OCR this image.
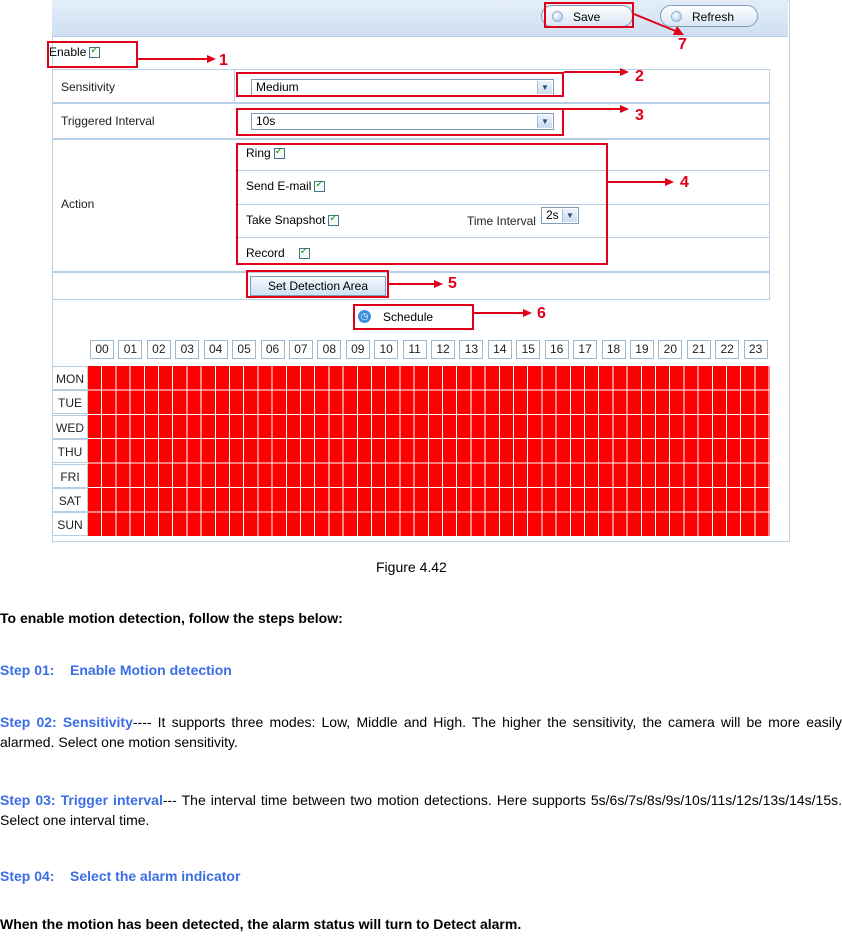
Save	Refresh
Enable✓
Sensitivity	Medium	▼
Triggered Interval	10s	▼
Action
Ring✓
Send E-mail✓
Take Snapshot✓	Time Interval 2s ▼
Record✓
Set Detection Area
◷ Schedule
00	01	02	03	04	05	06	07	08	09	10	11	12	13	14	15	16	17	18	19	20	21	22	23
MON
TUE
WED
THU
FRI
SAT
SUN
1
2
3
4
5
6
7
Figure 4.42
To enable motion detection, follow the steps below:
Step 01:    Enable Motion detection
Step 02: Sensitivity---- It supports three modes: Low, Middle and High. The higher the sensitivity, the camera will be more easily alarmed. Select one motion sensitivity.
Step 03: Trigger interval--- The interval time between two motion detections. Here supports 5s/6s/7s/8s/9s/10s/11s/12s/13s/14s/15s. Select one interval time.
Step 04:    Select the alarm indicator
When the motion has been detected, the alarm status will turn to Detect alarm.
